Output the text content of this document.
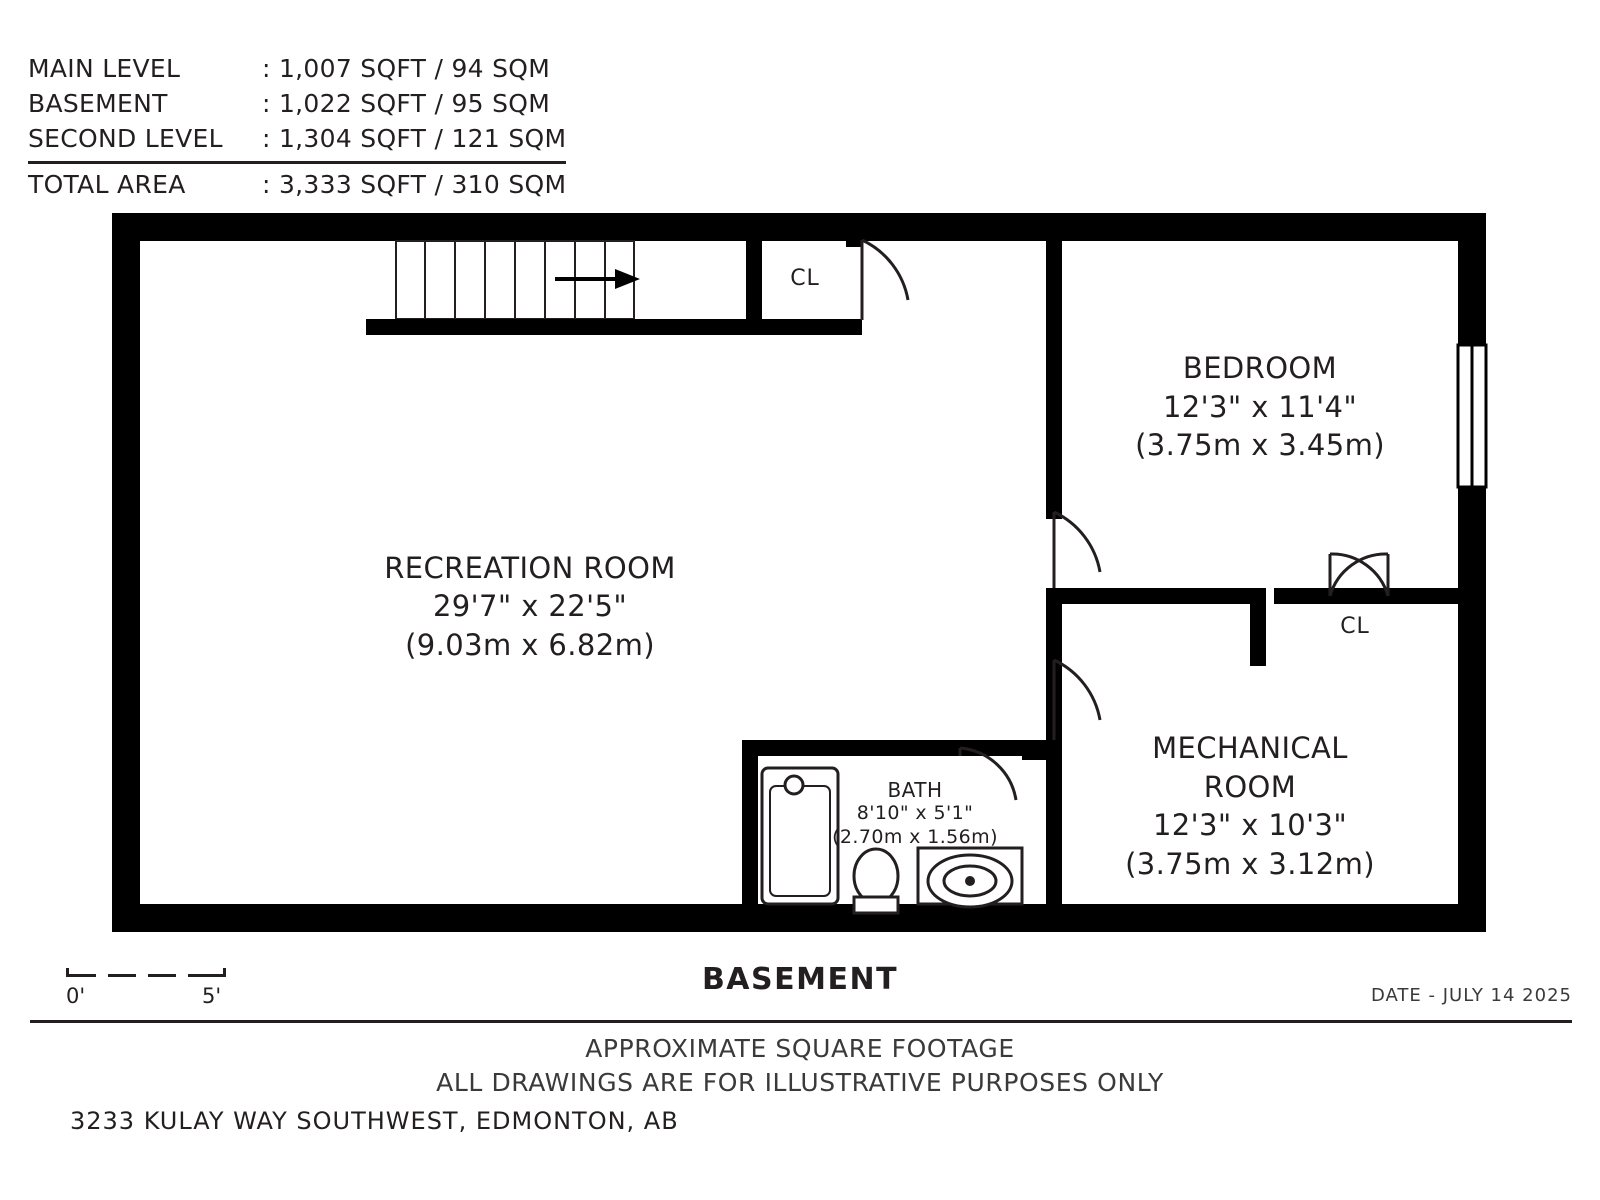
MAIN LEVEL	: 1,007 SQFT / 94 SQM
BASEMENT	: 1,022 SQFT / 95 SQM
SECOND LEVEL	: 1,304 SQFT / 121 SQM
TOTAL AREA	: 3,333 SQFT / 310 SQM
RECREATION ROOM
29'7" x 22'5"
(9.03m x 6.82m)
BEDROOM
12'3" x 11'4"
(3.75m x 3.45m)
MECHANICAL
ROOM
12'3" x 10'3"
(3.75m x 3.12m)
BATH
8'10" x 5'1"
(2.70m x 1.56m)
CL
CL
0'	5'	BASEMENT	DATE - JULY 14 2025
APPROXIMATE SQUARE FOOTAGE
ALL DRAWINGS ARE FOR ILLUSTRATIVE PURPOSES ONLY
3233 KULAY WAY SOUTHWEST, EDMONTON, AB
